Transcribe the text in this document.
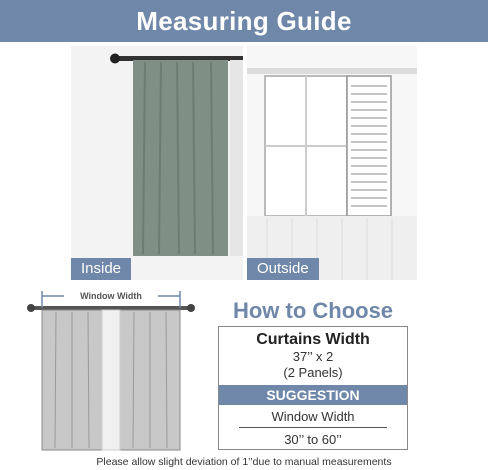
Measuring Guide
Inside	Outside
Window Width
How to Choose
Curtains Width
37’’ x 2
(2 Panels)
SUGGESTION
Window Width
30’’ to 60’’
Please allow slight deviation of 1’’due to manual measurements
